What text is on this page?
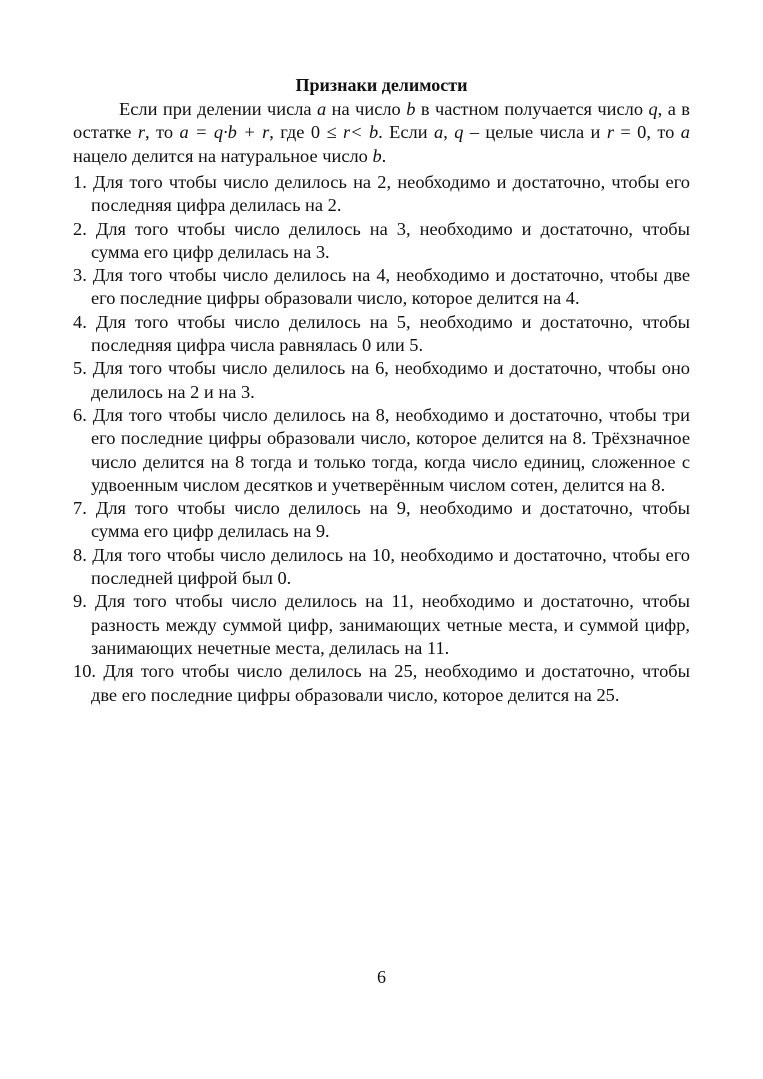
Признаки делимости

Если при делении числа a на число b в частном получается число q, а в остатке r, то a = q·b + r, где 0 ≤ r< b. Если a, q – целые числа и r = 0, то a нацело делится на натуральное число b.

1. Для того чтобы число делилось на 2, необходимо и достаточно, чтобы его последняя цифра делилась на 2.
2. Для того чтобы число делилось на 3, необходимо и достаточно, чтобы сумма его цифр делилась на 3.
3. Для того чтобы число делилось на 4, необходимо и достаточно, чтобы две его последние цифры образовали число, которое делится на 4.
4. Для того чтобы число делилось на 5, необходимо и достаточно, чтобы последняя цифра числа равнялась 0 или 5.
5. Для того чтобы число делилось на 6, необходимо и достаточно, чтобы оно делилось на 2 и на 3.
6. Для того чтобы число делилось на 8, необходимо и достаточно, чтобы три его последние цифры образовали число, которое делится на 8. Трёхзначное число делится на 8 тогда и только тогда, когда число единиц, сложенное с удвоенным числом десятков и учетверённым числом сотен, делится на 8.
7. Для того чтобы число делилось на 9, необходимо и достаточно, чтобы сумма его цифр делилась на 9.
8. Для того чтобы число делилось на 10, необходимо и достаточно, чтобы его последней цифрой был 0.
9. Для того чтобы число делилось на 11, необходимо и достаточно, чтобы разность между суммой цифр, занимающих четные места, и суммой цифр, занимающих нечетные места, делилась на 11.
10. Для того чтобы число делилось на 25, необходимо и достаточно, чтобы две его последние цифры образовали число, которое делится на 25.
6
